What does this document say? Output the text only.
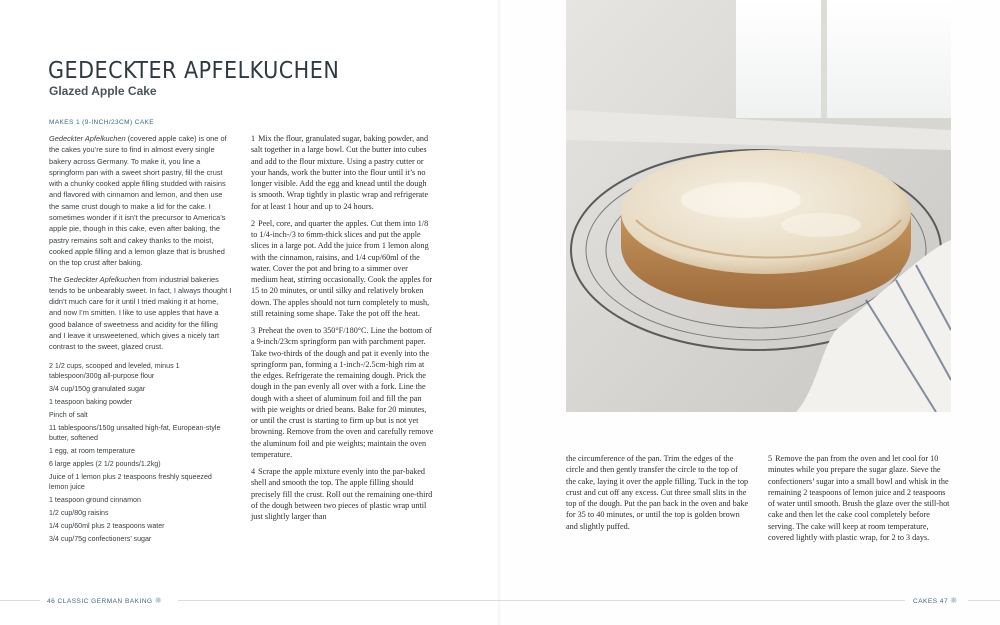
GEDECKTER APFELKUCHEN
Glazed Apple Cake
MAKES 1 (9-INCH/23CM) CAKE

Gedeckter Apfelkuchen (covered apple cake) is one of the cakes you’re sure to find in almost every single bakery across Germany. To make it, you line a springform pan with a sweet short pastry, fill the crust with a chunky cooked apple filling studded with raisins and flavored with cinnamon and lemon, and then use the same crust dough to make a lid for the cake. I sometimes wonder if it isn’t the precursor to America’s apple pie, though in this cake, even after baking, the pastry remains soft and cakey thanks to the moist, cooked apple filling and a lemon glaze that is brushed on the top crust after baking.

The Gedeckter Apfelkuchen from industrial bakeries tends to be unbearably sweet. In fact, I always thought I didn’t much care for it until I tried making it at home, and now I’m smitten. I like to use apples that have a good balance of sweetness and acidity for the filling and I leave it unsweetened, which gives a nicely tart contrast to the sweet, glazed crust.

2 1/2 cups, scooped and leveled, minus 1 tablespoon/300g all-purpose flour
3/4 cup/150g granulated sugar
1 teaspoon baking powder
Pinch of salt
11 tablespoons/150g unsalted high-fat, European-style butter, softened
1 egg, at room temperature
6 large apples (2 1/2 pounds/1.2kg)
Juice of 1 lemon plus 2 teaspoons freshly squeezed lemon juice
1 teaspoon ground cinnamon
1/2 cup/80g raisins
1/4 cup/60ml plus 2 teaspoons water
3/4 cup/75g confectioners’ sugar

1 Mix the flour, granulated sugar, baking powder, and salt together in a large bowl. Cut the butter into cubes and add to the flour mixture. Using a pastry cutter or your hands, work the butter into the flour until it’s no longer visible. Add the egg and knead until the dough is smooth. Wrap tightly in plastic wrap and refrigerate for at least 1 hour and up to 24 hours.

2 Peel, core, and quarter the apples. Cut them into 1/8 to 1/4-inch-/3 to 6mm-thick slices and put the apple slices in a large pot. Add the juice from 1 lemon along with the cinnamon, raisins, and 1/4 cup/60ml of the water. Cover the pot and bring to a simmer over medium heat, stirring occasionally. Cook the apples for 15 to 20 minutes, or until silky and relatively broken down. The apples should not turn completely to mush, still retaining some shape. Take the pot off the heat.

3 Preheat the oven to 350°F/180°C. Line the bottom of a 9-inch/23cm springform pan with parchment paper. Take two-thirds of the dough and pat it evenly into the springform pan, forming a 1-inch-/2.5cm-high rim at the edges. Refrigerate the remaining dough. Prick the dough in the pan evenly all over with a fork. Line the dough with a sheet of aluminum foil and fill the pan with pie weights or dried beans. Bake for 20 minutes, or until the crust is starting to firm up but is not yet browning. Remove from the oven and carefully remove the aluminum foil and pie weights; maintain the oven temperature.

4 Scrape the apple mixture evenly into the par-baked shell and smooth the top. The apple filling should precisely fill the crust. Roll out the remaining one-third of the dough between two pieces of plastic wrap until just slightly larger than

46 CLASSIC GERMAN BAKING ❋

the circumference of the pan. Trim the edges of the circle and then gently transfer the circle to the top of the cake, laying it over the apple filling. Tuck in the top crust and cut off any excess. Cut three small slits in the top of the dough. Put the pan back in the oven and bake for 35 to 40 minutes, or until the top is golden brown and slightly puffed.

5 Remove the pan from the oven and let cool for 10 minutes while you prepare the sugar glaze. Sieve the confectioners’ sugar into a small bowl and whisk in the remaining 2 teaspoons of lemon juice and 2 teaspoons of water until smooth. Brush the glaze over the still-hot cake and then let the cake cool completely before serving. The cake will keep at room temperature, covered lightly with plastic wrap, for 2 to 3 days.

CAKES 47 ❋
